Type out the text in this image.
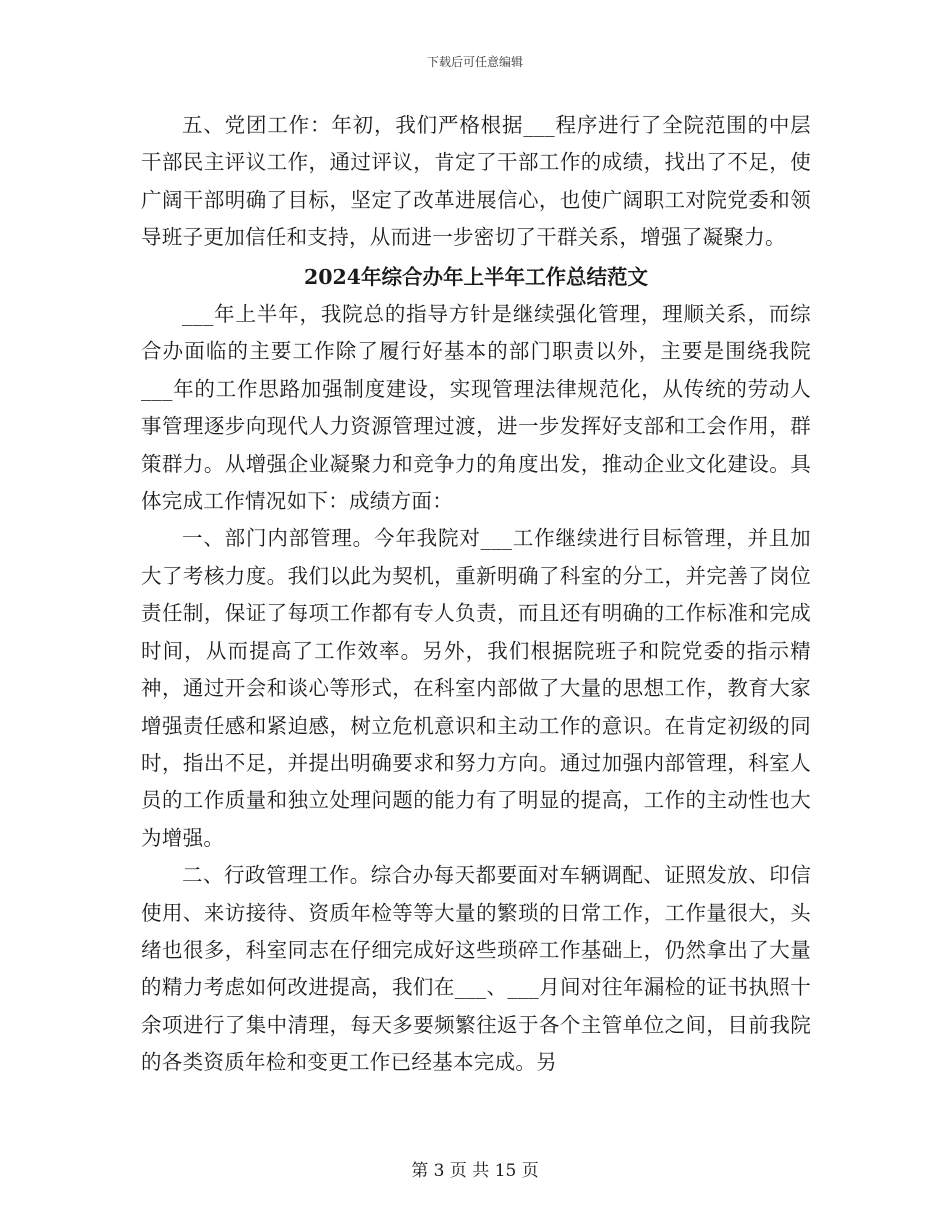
下载后可任意编辑

五、党团工作：年初，我们严格根据___程序进行了全院范围的中层干部民主评议工作，通过评议，肯定了干部工作的成绩，找出了不足，使广阔干部明确了目标，坚定了改革进展信心，也使广阔职工对院党委和领导班子更加信任和支持，从而进一步密切了干群关系，增强了凝聚力。

2024年综合办年上半年工作总结范文

___年上半年，我院总的指导方针是继续强化管理，理顺关系，而综合办面临的主要工作除了履行好基本的部门职责以外，主要是围绕我院___年的工作思路加强制度建设，实现管理法律规范化，从传统的劳动人事管理逐步向现代人力资源管理过渡，进一步发挥好支部和工会作用，群策群力。从增强企业凝聚力和竞争力的角度出发，推动企业文化建设。具体完成工作情况如下：成绩方面：

一、部门内部管理。今年我院对___工作继续进行目标管理，并且加大了考核力度。我们以此为契机，重新明确了科室的分工，并完善了岗位责任制，保证了每项工作都有专人负责，而且还有明确的工作标准和完成时间，从而提高了工作效率。另外，我们根据院班子和院党委的指示精神，通过开会和谈心等形式，在科室内部做了大量的思想工作，教育大家增强责任感和紧迫感，树立危机意识和主动工作的意识。在肯定初级的同时，指出不足，并提出明确要求和努力方向。通过加强内部管理，科室人员的工作质量和独立处理问题的能力有了明显的提高，工作的主动性也大为增强。

二、行政管理工作。综合办每天都要面对车辆调配、证照发放、印信使用、来访接待、资质年检等等大量的繁琐的日常工作，工作量很大，头绪也很多，科室同志在仔细完成好这些琐碎工作基础上，仍然拿出了大量的精力考虑如何改进提高，我们在___、___月间对往年漏检的证书执照十余项进行了集中清理，每天多要频繁往返于各个主管单位之间，目前我院的各类资质年检和变更工作已经基本完成。另

第 3 页 共 15 页
